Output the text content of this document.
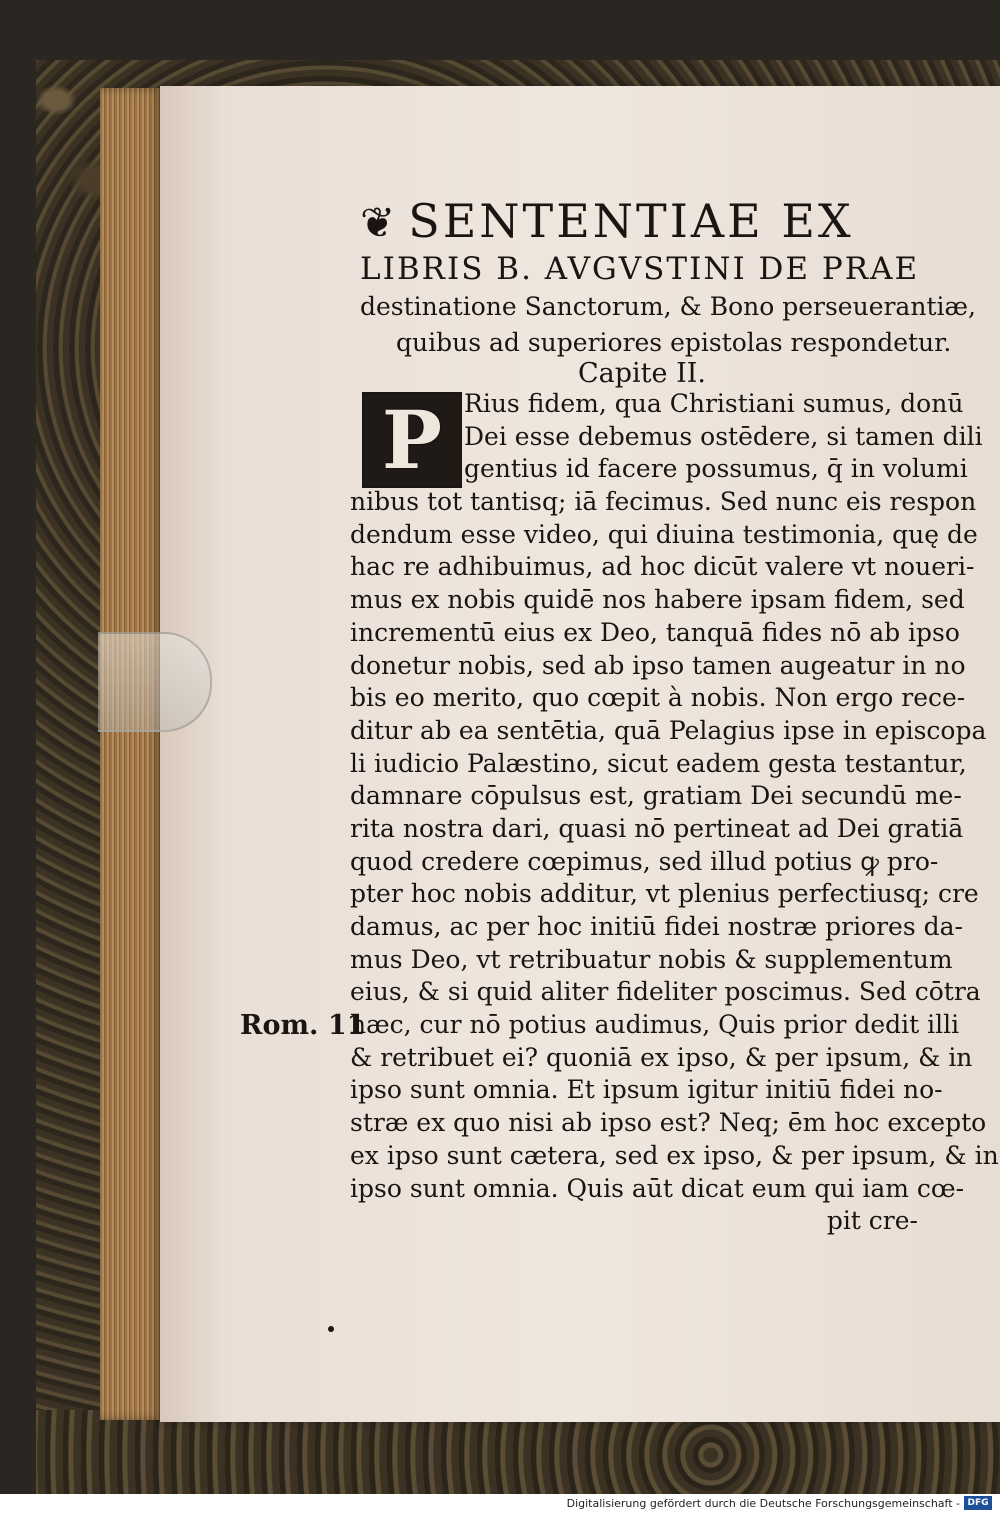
❦ SENTENTIAE EX
LIBRIS B. AVGVSTINI DE PRAE
destinatione Sanctorum, & Bono perseuerantiæ,
quibus ad superiores epistolas respondetur.
Capite II.
P Rius fidem, qua Christiani sumus, donū
Dei esse debemus ostēdere, si tamen dili
gentius id facere possumus, q̄ in volumi
nibus tot tantisq; iā fecimus. Sed nunc eis respon
dendum esse video, qui diuina testimonia, quę de
hac re adhibuimus, ad hoc dicūt valere vt noueri-
mus ex nobis quidē nos habere ipsam fidem, sed
incrementū eius ex Deo, tanquā fides nō ab ipso
donetur nobis, sed ab ipso tamen augeatur in no
bis eo merito, quo cœpit à nobis. Non ergo rece-
ditur ab ea sentētia, quā Pelagius ipse in episcopa
li iudicio Palæstino, sicut eadem gesta testantur,
damnare cōpulsus est, gratiam Dei secundū me-
rita nostra dari, quasi nō pertineat ad Dei gratiā
quod credere cœpimus, sed illud potius ꝙ pro-
pter hoc nobis additur, vt plenius perfectiusq; cre
damus, ac per hoc initiū fidei nostræ priores da-
mus Deo, vt retribuatur nobis & supplementum
eius, & si quid aliter fideliter poscimus. Sed cōtra
hæc, cur nō potius audimus, Quis prior dedit illi
& retribuet ei? quoniā ex ipso, & per ipsum, & in
ipso sunt omnia. Et ipsum igitur initiū fidei no-
stræ ex quo nisi ab ipso est? Neq; ēm hoc excepto
ex ipso sunt cætera, sed ex ipso, & per ipsum, & in
ipso sunt omnia. Quis aūt dicat eum qui iam cœ-
pit cre-
Rom. 11
Digitalisierung gefördert durch die Deutsche Forschungsgemeinschaft - DFG
